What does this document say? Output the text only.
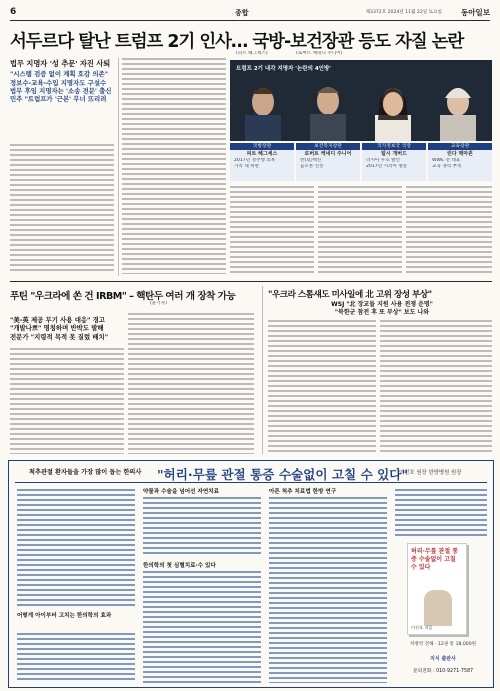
6	종합	제3372호 2024년 11월 22일 토요일	동아일보
서두르다 탈난 트럼프 2기 인사… 국방-보건장관 등도 자질 논란
법무 지명자 '성 추문' 자진 사퇴
"시스템 검증 없이 계획 호감 의존"
정보수-교육-수입 지명자도 구설수
법무 후임 지명자는 '소송 전문' 출신
민주 "트럼프가 '근본' 무너 뜨리려
(피트 헤그세스)	(로버트 케네디 주니어)
트럼프 2기 내각 지명자 '논란의 4인방'
국방장관
피트 헤그세스
2017년 성추행 의혹
가족 내 비판
보건복지장관
로버트 케네디 주니어
반(反)백신
음모론 신봉
국가정보국 국장
털시 개버드
러시아 우호 발언
2017년 시리아 방문
교육장관
린다 맥마흔
WWE 전 대표
교육 경력 부족
푸틴 "우크라에 쏜 건 IRBM" – 핵탄두 여러 개 장착 가능
(윤기자)
"美-英 제공 무기 사용 대응" 경고
"개발나쁘" 명칭하며 반박도 발해
전문가 "지령적 목적 못 질렀 배치"
"우크라 스톰섀도 미사일에 北 고위 장성 부상"
WSJ "北 장교들 지원 사용 전쟁 운명"
"북한군 참전 후 또 부상" 보도 나와
척추관절 환자들을 가장 많이 돕는 한의사 "허리·무릎 관절 통증 수술없이 고칠 수 있다"
이진호 원장 한방병원 원장
어떻게 아이부터 고치는 한의학의 효과
약물과 수술을 넘어선 자연치료
한의학의 첫 심혈치료·수 있다
아픈 척추 치료법 한방 연구
허리·무릎 관절 통증 수술없이 고칠 수 있다
이진호 지음
처방약 전해 · 12권 통 18,000원
지식 출판사
문의전화 : 010-9271-7587
